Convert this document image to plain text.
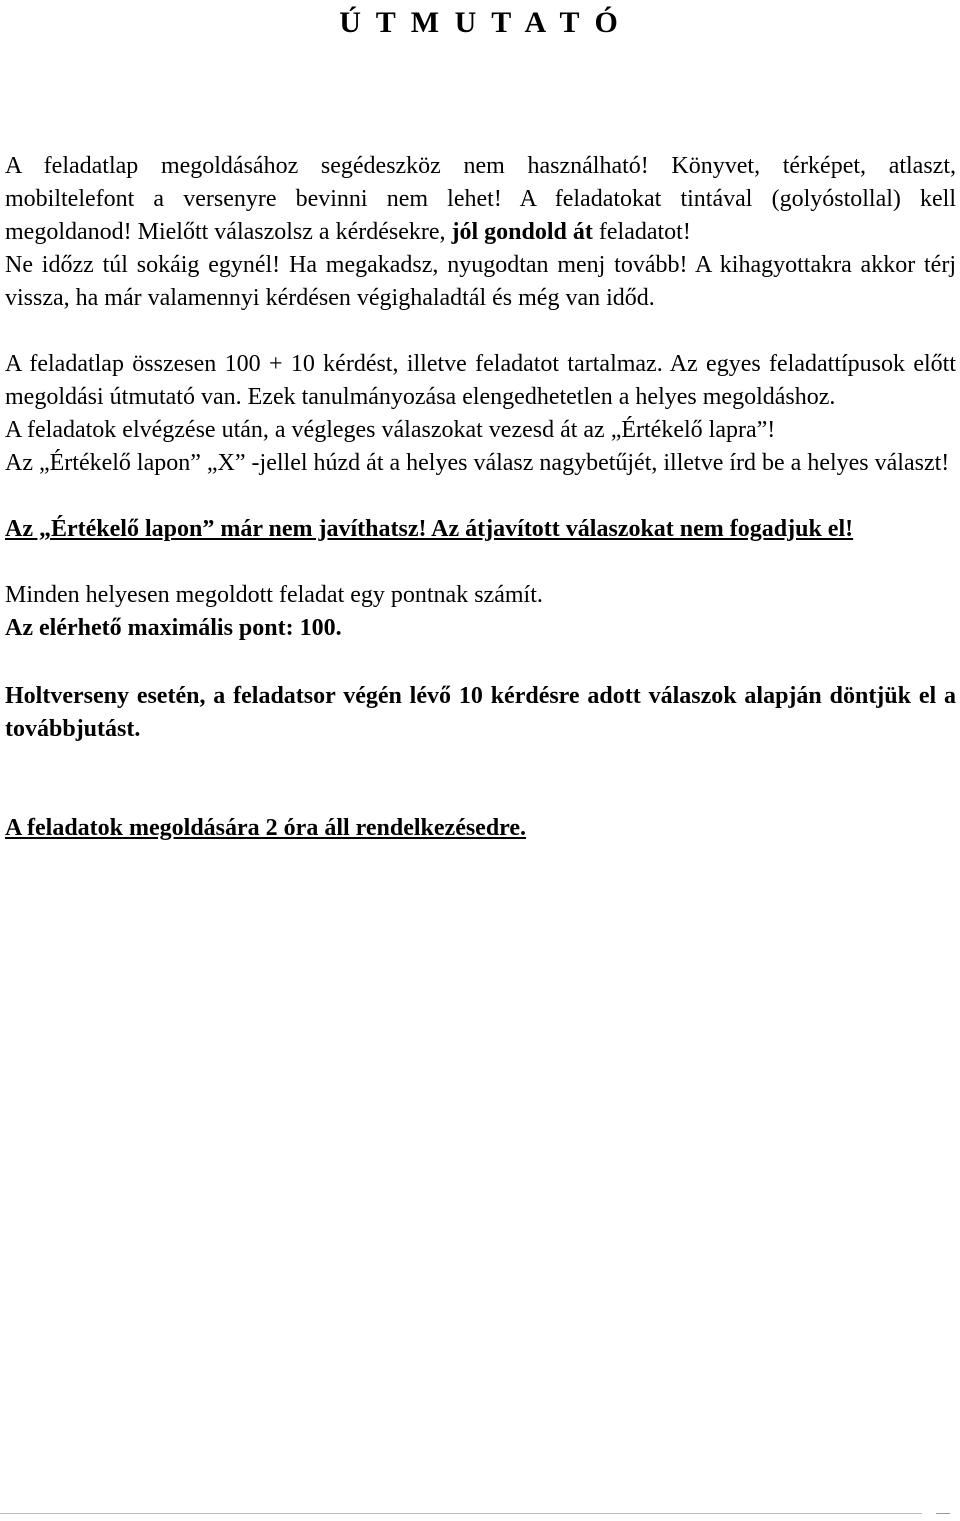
Ú T M U T A T Ó

A feladatlap megoldásához segédeszköz nem használható! Könyvet, térképet, atlaszt, mobiltelefont a versenyre bevinni nem lehet! A feladatokat tintával (golyóstollal) kell megoldanod! Mielőtt válaszolsz a kérdésekre, jól gondold át feladatot!

Ne időzz túl sokáig egynél! Ha megakadsz, nyugodtan menj tovább! A kihagyottakra akkor térj vissza, ha már valamennyi kérdésen végighaladtál és még van időd.

A feladatlap összesen 100 + 10 kérdést, illetve feladatot tartalmaz. Az egyes feladattípusok előtt megoldási útmutató van. Ezek tanulmányozása elengedhetetlen a helyes megoldáshoz.

A feladatok elvégzése után, a végleges válaszokat vezesd át az „Értékelő lapra”!

Az „Értékelő lapon” „X” -jellel húzd át a helyes válasz nagybetűjét, illetve írd be a helyes választ!

Az „Értékelő lapon” már nem javíthatsz! Az átjavított válaszokat nem fogadjuk el!

Minden helyesen megoldott feladat egy pontnak számít.

Az elérhető maximális pont: 100.

Holtverseny esetén, a feladatsor végén lévő 10 kérdésre adott válaszok alapján döntjük el a továbbjutást.

A feladatok megoldására 2 óra áll rendelkezésedre.
